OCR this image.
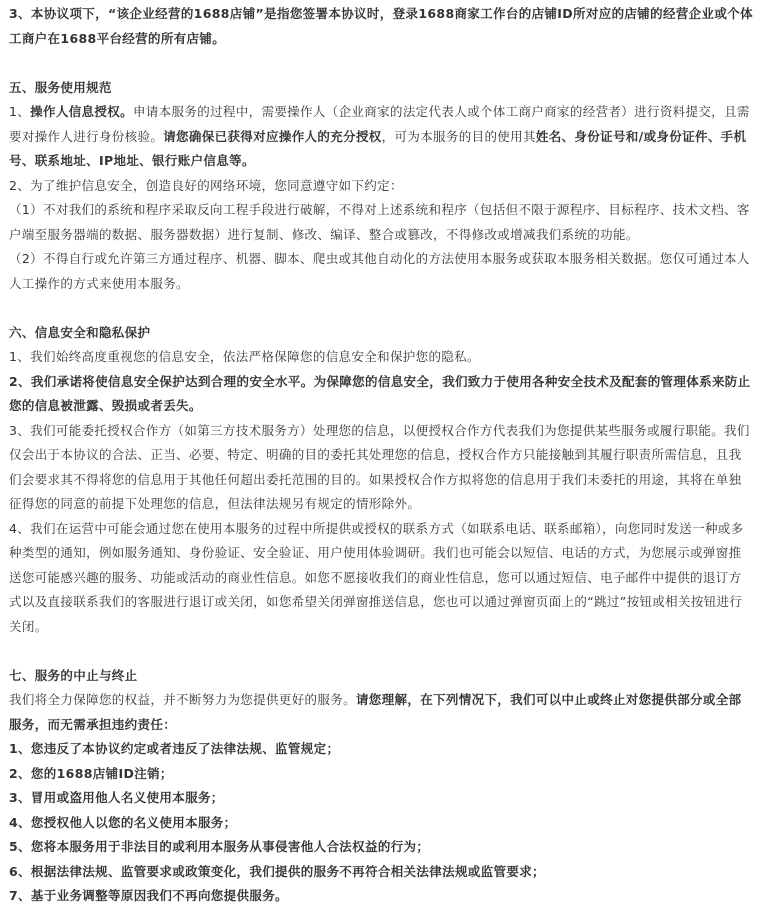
3、本协议项下，“该企业经营的1688店铺”是指您签署本协议时，登录1688商家工作台的店铺ID所对应的店铺的经营企业或个体工商户在1688平台经营的所有店铺。

五、服务使用规范

1、操作人信息授权。申请本服务的过程中，需要操作人（企业商家的法定代表人或个体工商户商家的经营者）进行资料提交，且需要对操作人进行身份核验。请您确保已获得对应操作人的充分授权，可为本服务的目的使用其姓名、身份证号和/或身份证件、手机号、联系地址、IP地址、银行账户信息等。

2、为了维护信息安全，创造良好的网络环境，您同意遵守如下约定：

（1）不对我们的系统和程序采取反向工程手段进行破解，不得对上述系统和程序（包括但不限于源程序、目标程序、技术文档、客户端至服务器端的数据、服务器数据）进行复制、修改、编译、整合或篡改，不得修改或增减我们系统的功能。

（2）不得自行或允许第三方通过程序、机器、脚本、爬虫或其他自动化的方法使用本服务或获取本服务相关数据。您仅可通过本人人工操作的方式来使用本服务。

六、信息安全和隐私保护

1、我们始终高度重视您的信息安全，依法严格保障您的信息安全和保护您的隐私。

2、我们承诺将使信息安全保护达到合理的安全水平。为保障您的信息安全，我们致力于使用各种安全技术及配套的管理体系来防止您的信息被泄露、毁损或者丢失。

3、我们可能委托授权合作方（如第三方技术服务方）处理您的信息，以便授权合作方代表我们为您提供某些服务或履行职能。我们仅会出于本协议的合法、正当、必要、特定、明确的目的委托其处理您的信息，授权合作方只能接触到其履行职责所需信息，且我们会要求其不得将您的信息用于其他任何超出委托范围的目的。如果授权合作方拟将您的信息用于我们未委托的用途，其将在单独征得您的同意的前提下处理您的信息，但法律法规另有规定的情形除外。

4、我们在运营中可能会通过您在使用本服务的过程中所提供或授权的联系方式（如联系电话、联系邮箱），向您同时发送一种或多种类型的通知，例如服务通知、身份验证、安全验证、用户使用体验调研。我们也可能会以短信、电话的方式，为您展示或弹窗推送您可能感兴趣的服务、功能或活动的商业性信息。如您不愿接收我们的商业性信息，您可以通过短信、电子邮件中提供的退订方式以及直接联系我们的客服进行退订或关闭，如您希望关闭弹窗推送信息，您也可以通过弹窗页面上的“跳过”按钮或相关按钮进行关闭。

七、服务的中止与终止

我们将全力保障您的权益，并不断努力为您提供更好的服务。请您理解，在下列情况下，我们可以中止或终止对您提供部分或全部服务，而无需承担违约责任：

1、您违反了本协议约定或者违反了法律法规、监管规定；

2、您的1688店铺ID注销；

3、冒用或盗用他人名义使用本服务；

4、您授权他人以您的名义使用本服务；

5、您将本服务用于非法目的或利用本服务从事侵害他人合法权益的行为；

6、根据法律法规、监管要求或政策变化，我们提供的服务不再符合相关法律法规或监管要求；

7、基于业务调整等原因我们不再向您提供服务。
